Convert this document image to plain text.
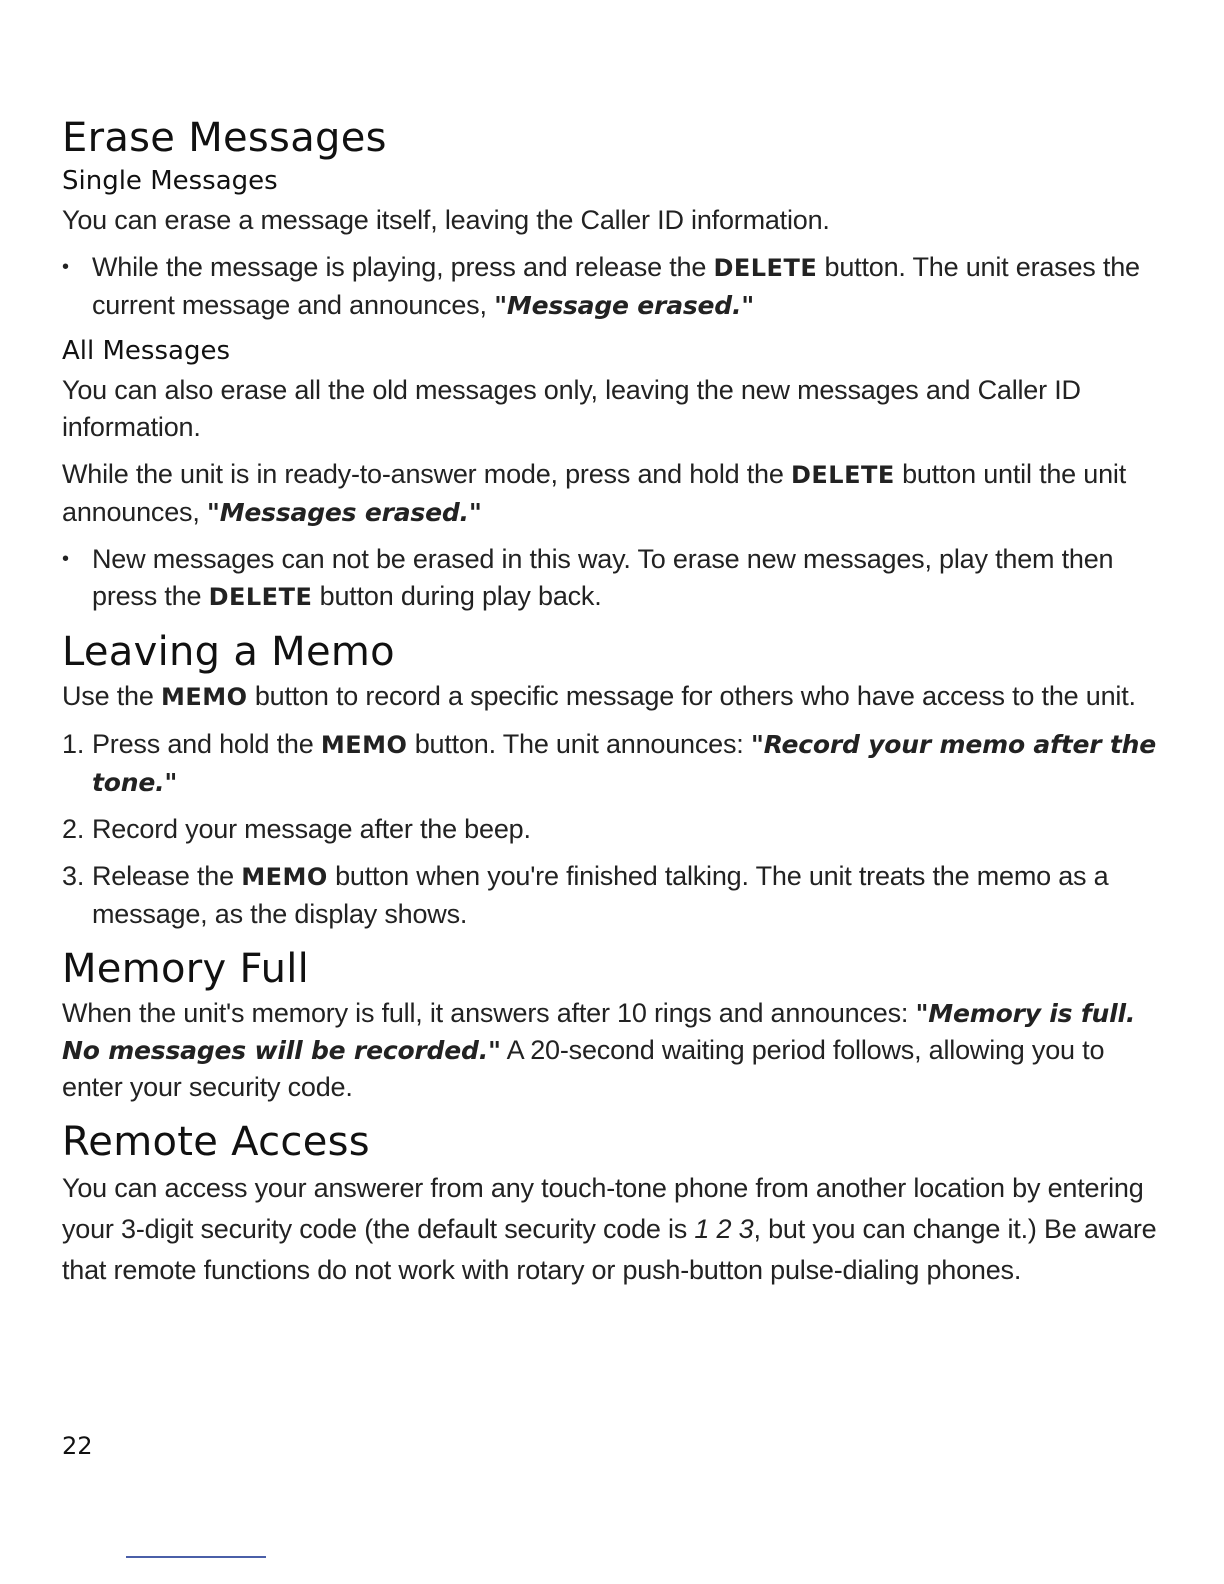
Erase Messages
Single Messages

You can erase a message itself, leaving the Caller ID information.

• While the message is playing, press and release the DELETE button. The unit erases the current message and announces, "Message erased."
All Messages

You can also erase all the old messages only, leaving the new messages and Caller ID information.

While the unit is in ready-to-answer mode, press and hold the DELETE button until the unit announces, "Messages erased."

• New messages can not be erased in this way. To erase new messages, play them then press the DELETE button during play back.
Leaving a Memo

Use the MEMO button to record a specific message for others who have access to the unit.

1. Press and hold the MEMO button. The unit announces: "Record your memo after the tone."
2. Record your message after the beep.
3. Release the MEMO button when you're finished talking. The unit treats the memo as a message, as the display shows.
Memory Full

When the unit's memory is full, it answers after 10 rings and announces: "Memory is full. No messages will be recorded." A 20-second waiting period follows, allowing you to enter your security code.

Remote Access

You can access your answerer from any touch-tone phone from another location by entering your 3-digit security code (the default security code is 1 2 3, but you can change it.) Be aware that remote functions do not work with rotary or push-button pulse-dialing phones.

22
